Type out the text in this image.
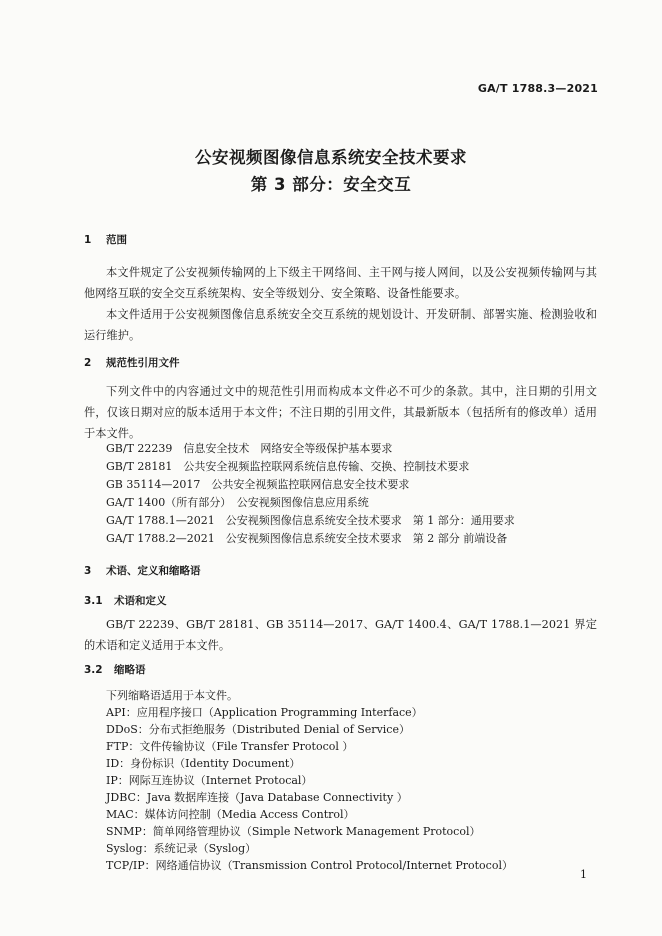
GA/T 1788.3—2021
公安视频图像信息系统安全技术要求
第 3 部分：安全交互
1 范围
本文件规定了公安视频传输网的上下级主干网络间、主干网与接人网间，以及公安视频传输网与其他网络互联的安全交互系统架构、安全等级划分、安全策略、设备性能要求。
本文件适用于公安视频图像信息系统安全交互系统的规划设计、开发研制、部署实施、检测验收和运行维护。
2 规范性引用文件
下列文件中的内容通过文中的规范性引用而构成本文件必不可少的条款。其中，注日期的引用文件，仅该日期对应的版本适用于本文件；不注日期的引用文件，其最新版本（包括所有的修改单）适用于本文件。
GB/T 22239　信息安全技术　网络安全等级保护基本要求
GB/T 28181　公共安全视频监控联网系统信息传输、交换、控制技术要求
GB 35114—2017　公共安全视频监控联网信息安全技术要求
GA/T 1400（所有部分）　公安视频图像信息应用系统
GA/T 1788.1—2021　公安视频图像信息系统安全技术要求　第 1 部分：通用要求
GA/T 1788.2—2021　公安视频图像信息系统安全技术要求　第 2 部分 前端设备
3 术语、定义和缩略语
3.1 术语和定义
GB/T 22239、GB/T 28181、GB 35114—2017、GA/T 1400.4、GA/T 1788.1—2021 界定的术语和定义适用于本文件。
3.2 缩略语
下列缩略语适用于本文件。
API：应用程序接口（Application Programming Interface）
DDoS：分布式拒绝服务（Distributed Denial of Service）
FTP：文件传输协议（File Transfer Protocol ）
ID：身份标识（Identity Document）
IP：网际互连协议（Internet Protocal）
JDBC：Java 数据库连接（Java Database Connectivity ）
MAC：媒体访问控制（Media Access Control）
SNMP：简单网络管理协议（Simple Network Management Protocol）
Syslog：系统记录（Syslog）
TCP/IP：网络通信协议（Transmission Control Protocol/Internet Protocol）
1
